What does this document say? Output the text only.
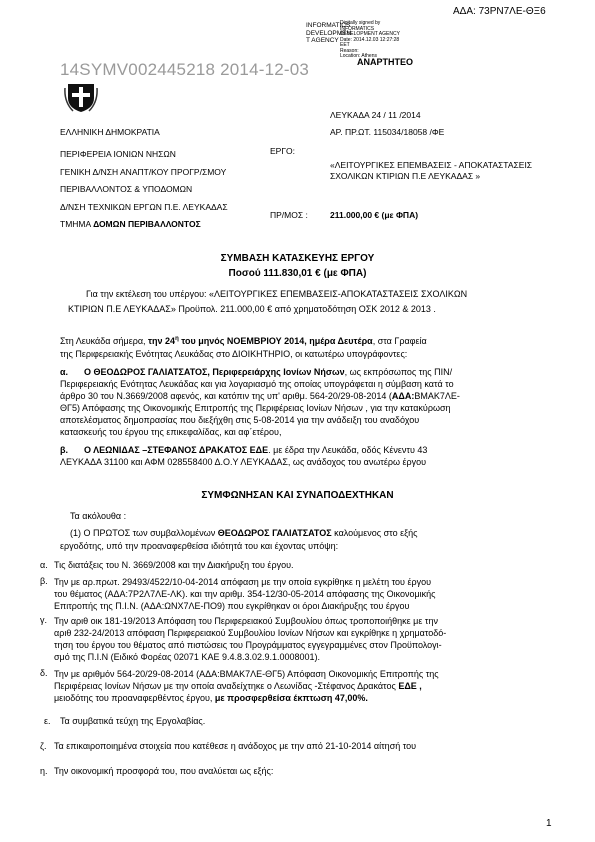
ΑΔΑ: 73ΡΝ7ΛΕ-ΘΞ6
INFORMATICS
DEVELOPMEN
T AGENCY
Digitally signed by
INFORMATICS
DEVELOPMENT AGENCY
Date: 2014.12.03 12:27:28
EET
Reason:
Location: Athens
14SYMV002445218 2014-12-03	ΑΝΑΡΤΗΤΕΟ
ΕΛΛΗΝΙΚΗ ΔΗΜΟΚΡΑΤΙΑ
ΠΕΡΙΦΕΡΕΙΑ ΙΟΝΙΩΝ ΝΗΣΩΝ
ΓΕΝΙΚΗ Δ/ΝΣΗ ΑΝΑΠΤ/ΚΟΥ ΠΡΟΓΡ/ΣΜΟΥ
ΠΕΡΙΒΑΛΛΟΝΤΟΣ & ΥΠΟΔΟΜΩΝ
Δ/ΝΣΗ ΤΕΧΝΙΚΩΝ ΕΡΓΩΝ Π.Ε. ΛΕΥΚΑΔΑΣ
ΤΜΗΜΑ ΔΟΜΩΝ ΠΕΡΙΒΑΛΛΟΝΤΟΣ
ΛΕΥΚΑΔΑ 24 / 11 /2014
ΑΡ. ΠΡ.ΩΤ. 115034/18058 /ΦΕ
ΕΡΓΟ:
«ΛΕΙΤΟΥΡΓΙΚΕΣ ΕΠΕΜΒΑΣΕΙΣ - ΑΠΟΚΑΤΑΣΤΑΣΕΙΣ
ΣΧΟΛΙΚΩΝ ΚΤΙΡΙΩΝ Π.Ε ΛΕΥΚΑΔΑΣ »
ΠΡ/ΜΟΣ :	211.000,00 € (με ΦΠΑ)
ΣΥΜΒΑΣΗ ΚΑΤΑΣΚΕΥΗΣ ΕΡΓΟΥ
Ποσού 111.830,01 € (με ΦΠΑ)
Για την εκτέλεση του υπέργου: «ΛΕΙΤΟΥΡΓΙΚΕΣ ΕΠΕΜΒΑΣΕΙΣ-ΑΠΟΚΑΤΑΣΤΑΣΕΙΣ ΣΧΟΛΙΚΩΝ
ΚΤΙΡΙΩΝ Π.Ε ΛΕΥΚΑΔΑΣ» Προϋπολ. 211.000,00 € από χρηματοδότηση ΟΣΚ 2012 & 2013 .
Στη Λευκάδα σήμερα, την $24^\eta$ του μηνός ΝΟΕΜΒΡΙΟΥ 2014, ημέρα Δευτέρα, στα Γραφεία
της Περιφερειακής Ενότητας Λευκάδας στο ΔΙΟΙΚΗΤΗΡΙΟ, οι κατωτέρω υπογράφοντες:
α. Ο ΘΕΟΔΩΡΟΣ ΓΑΛΙΑΤΣΑΤΟΣ, Περιφερειάρχης Ιονίων Νήσων, ως εκπρόσωπος της ΠΙΝ/
Περιφερειακής Ενότητας Λευκάδας και για λογαριασμό της οποίας υπογράφεται η σύμβαση κατά το
άρθρο 30 του Ν.3669/2008 αφενός, και κατόπιν της υπ' αριθμ. 564-20/29-08-2014 (ΑΔΑ:ΒΜΑΚ7ΛΕ-
ΘΓ5) Απόφασης της Οικονομικής Επιτροπής της Περιφέρειας Ιονίων Νήσων , για την κατακύρωση
αποτελέσματος δημοπρασίας που διεξήχθη στις 5-08-2014 για την ανάδειξη του αναδόχου
κατασκευής του έργου της επικεφαλίδας, και αφ΄ετέρου,
β. Ο ΛΕΩΝΙΔΑΣ –ΣΤΕΦΑΝΟΣ ΔΡΑΚΑΤΟΣ ΕΔΕ. με έδρα την Λευκάδα, οδός Κένεντυ 43
ΛΕΥΚΑΔΑ 31100 και ΑΦΜ 028558400 Δ.Ο.Υ ΛΕΥΚΑΔΑΣ, ως ανάδοχος του ανωτέρω έργου
ΣΥΜΦΩΝΗΣΑΝ ΚΑΙ ΣΥΝΑΠΟΔΕΧΤΗΚΑΝ
Τα ακόλουθα :
(1) Ο ΠΡΩΤΟΣ των συμβαλλομένων ΘΕΟΔΩΡΟΣ ΓΑΛΙΑΤΣΑΤΟΣ καλούμενος στο εξής
εργοδότης, υπό την προαναφερθείσα ιδιότητά του και έχοντας υπόψη:
α. Τις διατάξεις του Ν. 3669/2008 και την Διακήρυξη του έργου.
β. Την με αρ.πρωτ. 29493/4522/10-04-2014 απόφαση με την οποία εγκρίθηκε η μελέτη του έργου
του θέματος (ΑΔΑ:7Ρ2Λ7ΛΕ-ΛΚ). και την αριθμ. 354-12/30-05-2014 απόφασης της Οικονομικής
Επιτροπής της Π.Ι.Ν. (ΑΔΑ:ΩΝΧ7ΛΕ-ΠΟ9) που εγκρίθηκαν οι όροι Διακήρυξης του έργου
γ. Την αριθ οικ 181-19/2013 Απόφαση του Περιφερειακού Συμβουλίου όπως τροποποιήθηκε με την
αριθ 232-24/2013 απόφαση Περιφερειακού Συμβουλίου Ιονίων Νήσων και εγκρίθηκε η χρηματοδό-
τηση του έργου του θέματος από πιστώσεις του Προγράμματος εγγεγραμμένες στον Προϋπολογι-
σμό της Π.Ι.Ν (Ειδικό Φορέας 02071 ΚΑΕ 9.4.8.3.02.9.1.0008001).
δ. Την με αριθμόν 564-20/29-08-2014 (ΑΔΑ:ΒΜΑΚ7ΛΕ-ΘΓ5) Απόφαση Οικονομικής Επιτροπής της
Περιφέρειας Ιονίων Νήσων με την οποία αναδείχτηκε ο Λεωνίδας -Στέφανος Δρακάτος ΕΔΕ ,
μειοδότης του προαναφερθέντος έργου, με προσφερθείσα έκπτωση 47,00%.
ε. Τα συμβατικά τεύχη της Εργολαβίας.
ζ. Τα επικαιροποιημένα στοιχεία που κατέθεσε η ανάδοχος με την από 21-10-2014 αίτησή του
η. Την οικονομική προσφορά του, που αναλύεται ως εξής:
1
